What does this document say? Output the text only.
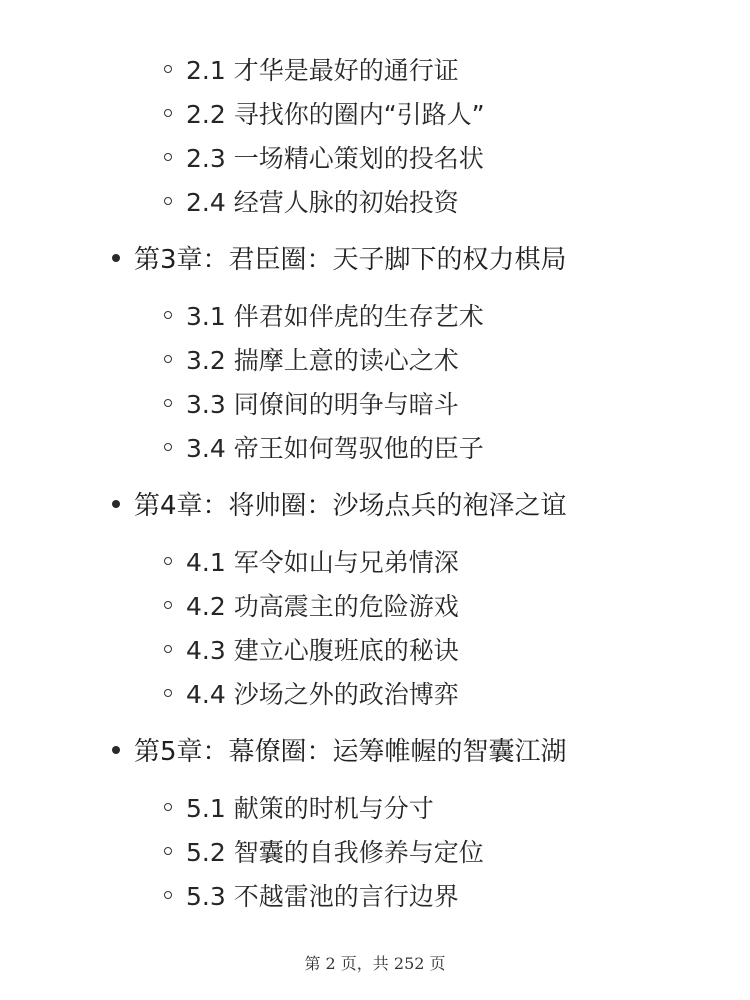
2.1 才华是最好的通行证
2.2 寻找你的圈内“引路人”
2.3 一场精心策划的投名状
2.4 经营人脉的初始投资
第3章：君臣圈：天子脚下的权力棋局
3.1 伴君如伴虎的生存艺术
3.2 揣摩上意的读心之术
3.3 同僚间的明争与暗斗
3.4 帝王如何驾驭他的臣子
第4章：将帅圈：沙场点兵的袍泽之谊
4.1 军令如山与兄弟情深
4.2 功高震主的危险游戏
4.3 建立心腹班底的秘诀
4.4 沙场之外的政治博弈
第5章：幕僚圈：运筹帷幄的智囊江湖
5.1 献策的时机与分寸
5.2 智囊的自我修养与定位
5.3 不越雷池的言行边界
第 2 页，共 252 页
